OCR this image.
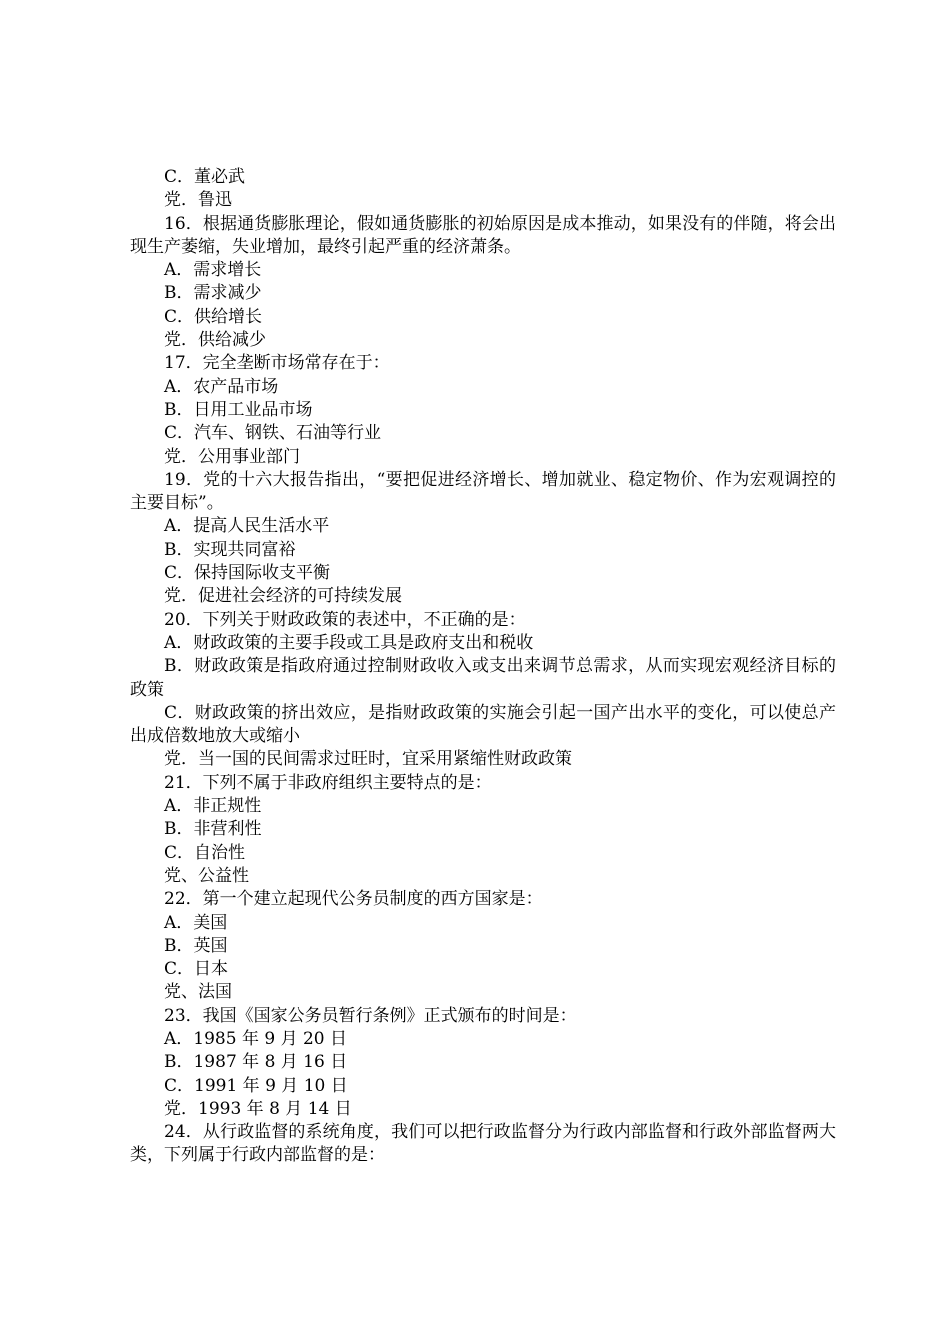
C．董必武

党．鲁迅

16．根据通货膨胀理论，假如通货膨胀的初始原因是成本推动，如果没有的伴随，将会出现生产萎缩，失业增加，最终引起严重的经济萧条。

A．需求增长

B．需求减少

C．供给增长

党．供给减少

17．完全垄断市场常存在于：

A．农产品市场

B．日用工业品市场

C．汽车、钢铁、石油等行业

党．公用事业部门

19．党的十六大报告指出，“要把促进经济增长、增加就业、稳定物价、作为宏观调控的主要目标”。

A．提高人民生活水平

B．实现共同富裕

C．保持国际收支平衡

党．促进社会经济的可持续发展

20．下列关于财政政策的表述中，不正确的是：

A．财政政策的主要手段或工具是政府支出和税收

B．财政政策是指政府通过控制财政收入或支出来调节总需求，从而实现宏观经济目标的政策

C．财政政策的挤出效应，是指财政政策的实施会引起一国产出水平的变化，可以使总产出成倍数地放大或缩小

党．当一国的民间需求过旺时，宜采用紧缩性财政政策

21．下列不属于非政府组织主要特点的是：

A．非正规性

B．非营利性

C．自治性

党、公益性

22．第一个建立起现代公务员制度的西方国家是：

A．美国

B．英国

C．日本

党、法国

23．我国《国家公务员暂行条例》正式颁布的时间是：

A．1985 年 9 月 20 日

B．1987 年 8 月 16 日

C．1991 年 9 月 10 日

党．1993 年 8 月 14 日

24．从行政监督的系统角度，我们可以把行政监督分为行政内部监督和行政外部监督两大类，下列属于行政内部监督的是：
